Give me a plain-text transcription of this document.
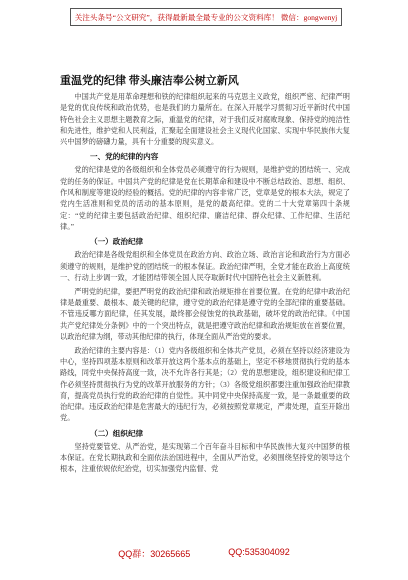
关注头条号“公文研究”，获得最新最全最专业的公文资料库！ 微信：gongwenyj
重温党的纪律 带头廉洁奉公树立新风

中国共产党是用革命理想和铁的纪律组织起来的马克思主义政党，组织严密、纪律严明是党的优良传统和政治优势，也是我们的力量所在。在深入开展学习贯彻习近平新时代中国特色社会主义思想主题教育之际，重温党的纪律，对于我们反对腐败现象、保持党的纯洁性和先进性，维护党和人民利益，汇聚起全面建设社会主义现代化国家、实现中华民族伟大复兴中国梦的磅礴力量，具有十分重要的现实意义。

一、党的纪律的内容

党的纪律是党的各级组织和全体党员必须遵守的行为规则，是维护党的团结统一、完成党的任务的保证。中国共产党的纪律是党在长期革命和建设中不断总结政治、思想、组织、作风和制度等建设的经验的概括。党的纪律的内容非常广泛，党章是党的根本大法，规定了党内生活准则和党员的活动的基本原则，是党的最高纪律。党的二十大党章第四十条规定：“党的纪律主要包括政治纪律、组织纪律、廉洁纪律、群众纪律、工作纪律、生活纪律。”

（一）政治纪律

政治纪律是各级党组织和全体党员在政治方向、政治立场、政治言论和政治行为方面必须遵守的规则，是维护党的团结统一的根本保证。政治纪律严明，全党才能在政治上高度统一、行动上步调一致，才能团结带领全国人民夺取新时代中国特色社会主义新胜利。

严明党的纪律，要把严明党的政治纪律和政治规矩排在首要位置。在党的纪律中政治纪律是最重要、最根本、最关键的纪律，遵守党的政治纪律是遵守党的全部纪律的重要基础。不管违反哪方面纪律，任其发展，最终都会侵蚀党的执政基础，破坏党的政治纪律。《中国共产党纪律处分条例》中的一个突出特点，就是把遵守政治纪律和政治规矩放在首要位置，以政治纪律为纲，带动其他纪律的执行，体现全面从严治党的要求。

政治纪律的主要内容是：（1）党内各级组织和全体共产党员，必须在坚持以经济建设为中心，坚持四项基本原则和改革开放这两个基本点的基础上，坚定不移地贯彻执行党的基本路线，同党中央保持高度一致，决不允许各行其是；（2）党的思想建设，组织建设和纪律工作必须坚持贯彻执行为党的改革开放服务的方针；（3）各级党组织都要注重加强政治纪律教育，提高党员执行党的政治纪律的自觉性。其中同党中央保持高度一致，是一条最重要的政治纪律。违反政治纪律是危害最大的违纪行为，必须按照党章规定，严肃处理，直至开除出党。

（二）组织纪律

坚持党要管党、从严治党，是实现第二个百年奋斗目标和中华民族伟大复兴中国梦的根本保证。在党长期执政和全面依法治国进程中，全面从严治党，必须围绕坚持党的领导这个根本，注重依规依纪治党，切实加强党内监督、党

QQ群：30265665	QQ:535304092
